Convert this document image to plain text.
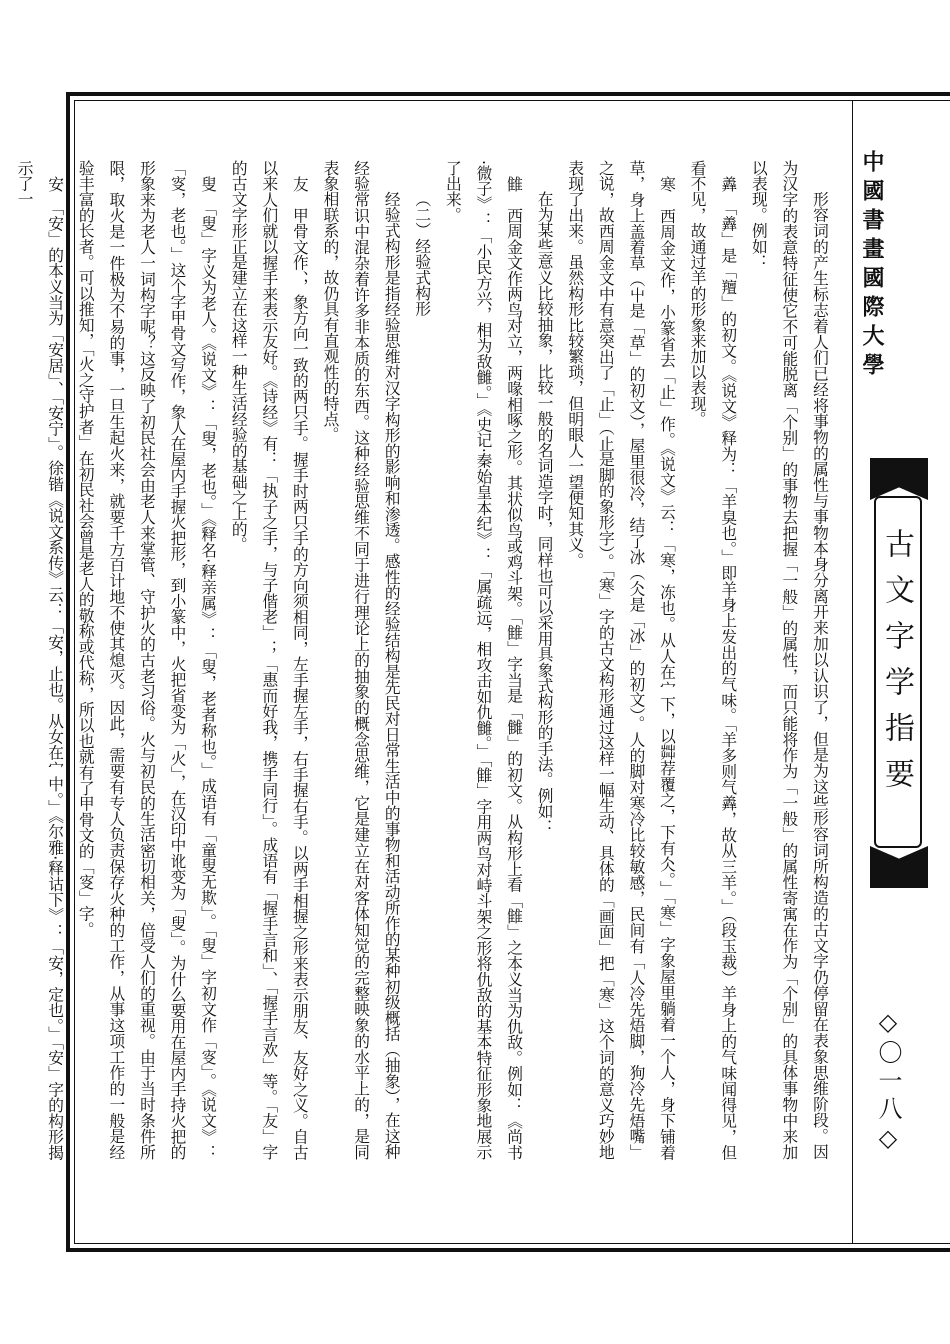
中國書畫國際大學
古文字学指要
◇〇一八◇

形容词的产生标志着人们已经将事物的属性与事物本身分离开来加以认识了，但是为这些形容词所构造的古文字仍停留在表象思维阶段。因为汉字的表意特征使它不可能脱离「个别」的事物去把握「一般」的属性，而只能将作为「一般」的属性寄寓在作为「个别」的具体事物中来加以表现。例如：

羴　「羴」是「羶」的初文。《说文》释为：「羊臭也。」即羊身上发出的气味。「羊多则气羴，故从三羊。」（段玉裁）羊身上的气味闻得见，但看不见，故通过羊的形象来加以表现。

寒　西周金文作，小篆省去「止」作。《说文》云：「寒，冻也。从人在宀下，以茻荐覆之，下有仌。」「寒」字象屋里躺着一个人，身下铺着草，身上盖着草（屮是「草」的初文），屋里很冷，结了冰（仌是「冰」的初文）。人的脚对寒冷比较敏感，民间有「人冷先焐脚，狗冷先焐嘴」之说，故西周金文中有意突出了「止」（止是脚的象形字）。「寒」字的古文构形通过这样一幅生动、具体的「画面」把「寒」这个词的意义巧妙地表现了出来。虽然构形比较繁琐，但明眼人一望便知其义。

在为某些意义比较抽象，比较一般的名词造字时，同样也可以采用具象式构形的手法。例如：

雔　西周金文作两鸟对立，两喙相啄之形。其状似鸟或鸡斗架。「雔」字当是「雠」的初文。从构形上看「雔」之本义当为仇敌。例如：《尚书·微子》：「小民方兴，相为敌雠。」《史记·秦始皇本纪》：「属疏远，相攻击如仇雠。」「雔」字用两鸟对峙斗架之形将仇敌的基本特征形象地展示了出来。

（二）经验式构形

经验式构形是指经验思维对汉字构形的影响和渗透。感性的经验结构是先民对日常生活中的事物和活动所作的某种初级概括（抽象），在这种经验常识中混杂着许多非本质的东西。这种经验思维不同于进行理论上的抽象的概念思维，它是建立在对客体知觉的完整映象的水平上的，是同表象相联系的，故仍具有直观性的特点。

友　甲骨文作、，象方向一致的两只手。握手时两只手的方向须相同，左手握左手，右手握右手。以两手相握之形来表示朋友、友好之义。自古以来人们就以握手来表示友好。《诗经》有：「执子之手，与子偕老」；「惠而好我，携手同行」。成语有「握手言和」、「握手言欢」等。「友」字的古文字形正是建立在这样一种生活经验的基础之上的。

叟　「叟」字义为老人。《说文》：「叟，老也。」《释名·释亲属》：「叟，老者称也。」成语有「童叟无欺」。「叟」字初文作「叜」。《说文》：「叜，老也。」这个字甲骨文写作，象人在屋内手握火把形，到小篆中，火把省变为「火」，在汉印中讹变为「叟」。为什么要用在屋内手持火把的形象来为老人一词构字呢？这反映了初民社会由老人来掌管、守护火的古老习俗。火与初民的生活密切相关，倍受人们的重视。由于当时条件所限，取火是一件极为不易的事，一旦生起火来，就要千方百计地不使其熄灭。因此，需要有专人负责保存火种的工作，从事这项工作的一般是经验丰富的长者。可以推知，「火之守护者」在初民社会曾是老人的敬称或代称，所以也就有了甲骨文的「叜」字。

安　「安」的本义当为「安居」、「安宁」。徐锴《说文系传》云：「安，止也。从女在宀中。」《尔雅·释诂下》：「安，定也。」「安」字的构形揭示了一
